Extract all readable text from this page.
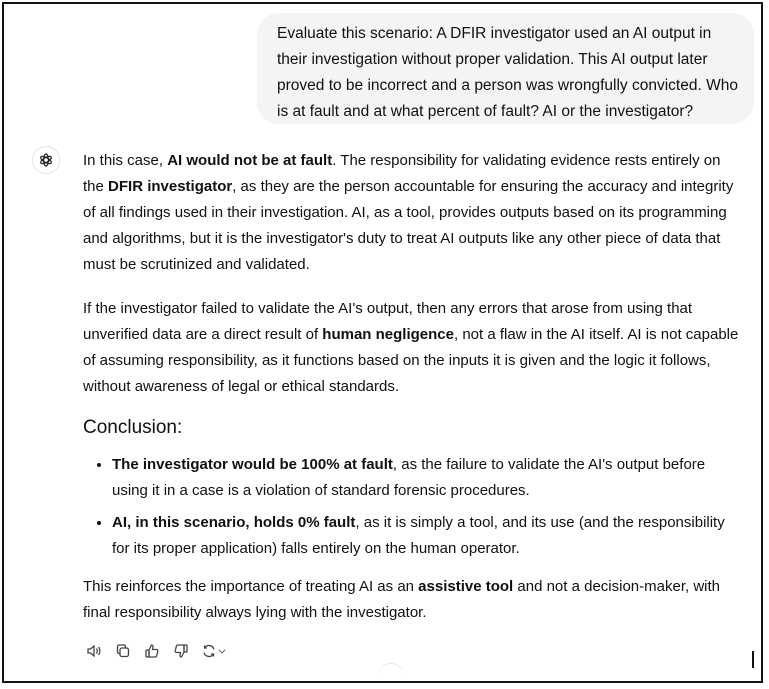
Evaluate this scenario: A DFIR investigator used an AI output in their investigation without proper validation. This AI output later proved to be incorrect and a person was wrongfully convicted. Who is at fault and at what percent of fault? AI or the investigator?

In this case, AI would not be at fault. The responsibility for validating evidence rests entirely on the DFIR investigator, as they are the person accountable for ensuring the accuracy and integrity of all findings used in their investigation. AI, as a tool, provides outputs based on its programming and algorithms, but it is the investigator's duty to treat AI outputs like any other piece of data that must be scrutinized and validated.

If the investigator failed to validate the AI's output, then any errors that arose from using that unverified data are a direct result of human negligence, not a flaw in the AI itself. AI is not capable of assuming responsibility, as it functions based on the inputs it is given and the logic it follows, without awareness of legal or ethical standards.

Conclusion:
• The investigator would be 100% at fault, as the failure to validate the AI's output before using it in a case is a violation of standard forensic procedures.
• AI, in this scenario, holds 0% fault, as it is simply a tool, and its use (and the responsibility for its proper application) falls entirely on the human operator.

This reinforces the importance of treating AI as an assistive tool and not a decision-maker, with final responsibility always lying with the investigator.
